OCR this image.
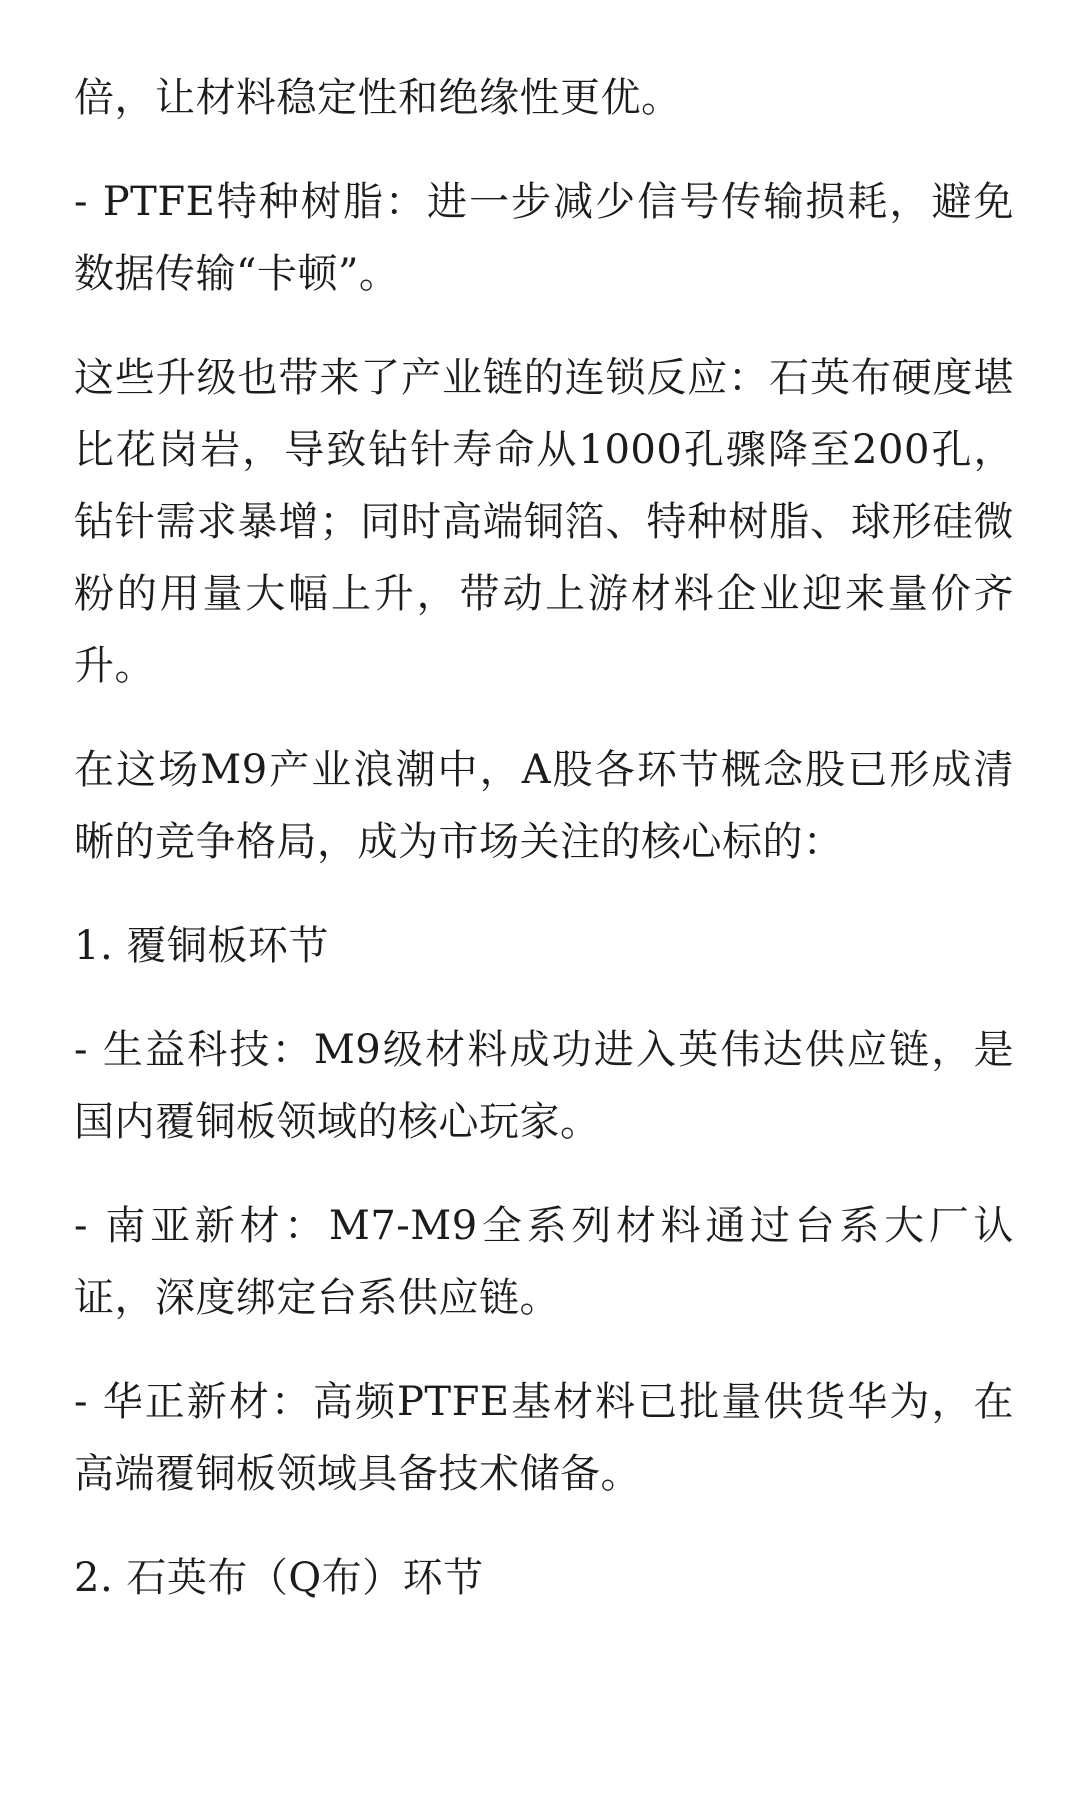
倍，让材料稳定性和绝缘性更优。

- PTFE特种树脂：进一步减少信号传输损耗，避免数据传输“卡顿”。

这些升级也带来了产业链的连锁反应：石英布硬度堪比花岗岩，导致钻针寿命从1000孔骤降至200孔，钻针需求暴增；同时高端铜箔、特种树脂、球形硅微粉的用量大幅上升，带动上游材料企业迎来量价齐升。

在这场M9产业浪潮中，A股各环节概念股已形成清晰的竞争格局，成为市场关注的核心标的：

1. 覆铜板环节

- 生益科技：M9级材料成功进入英伟达供应链，是国内覆铜板领域的核心玩家。

- 南亚新材：M7-M9全系列材料通过台系大厂认证，深度绑定台系供应链。

- 华正新材：高频PTFE基材料已批量供货华为，在高端覆铜板领域具备技术储备。

2. 石英布（Q布）环节
